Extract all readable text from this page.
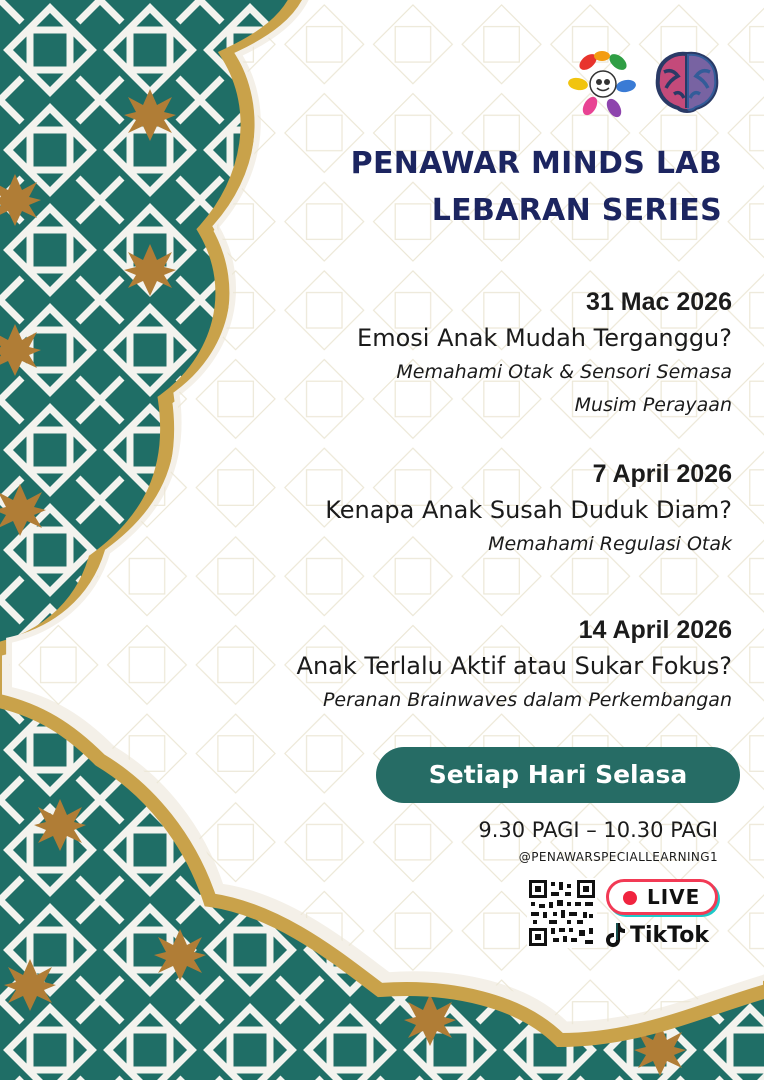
PENAWAR MINDS LAB
LEBARAN SERIES
31 Mac 2026
Emosi Anak Mudah Terganggu?
Memahami Otak & Sensori Semasa
Musim Perayaan
7 April 2026
Kenapa Anak Susah Duduk Diam?
Memahami Regulasi Otak
14 April 2026
Anak Terlalu Aktif atau Sukar Fokus?
Peranan Brainwaves dalam Perkembangan
Setiap Hari Selasa
9.30 PAGI – 10.30 PAGI
@PENAWARSPECIALLEARNING1
LIVE
TikTok
